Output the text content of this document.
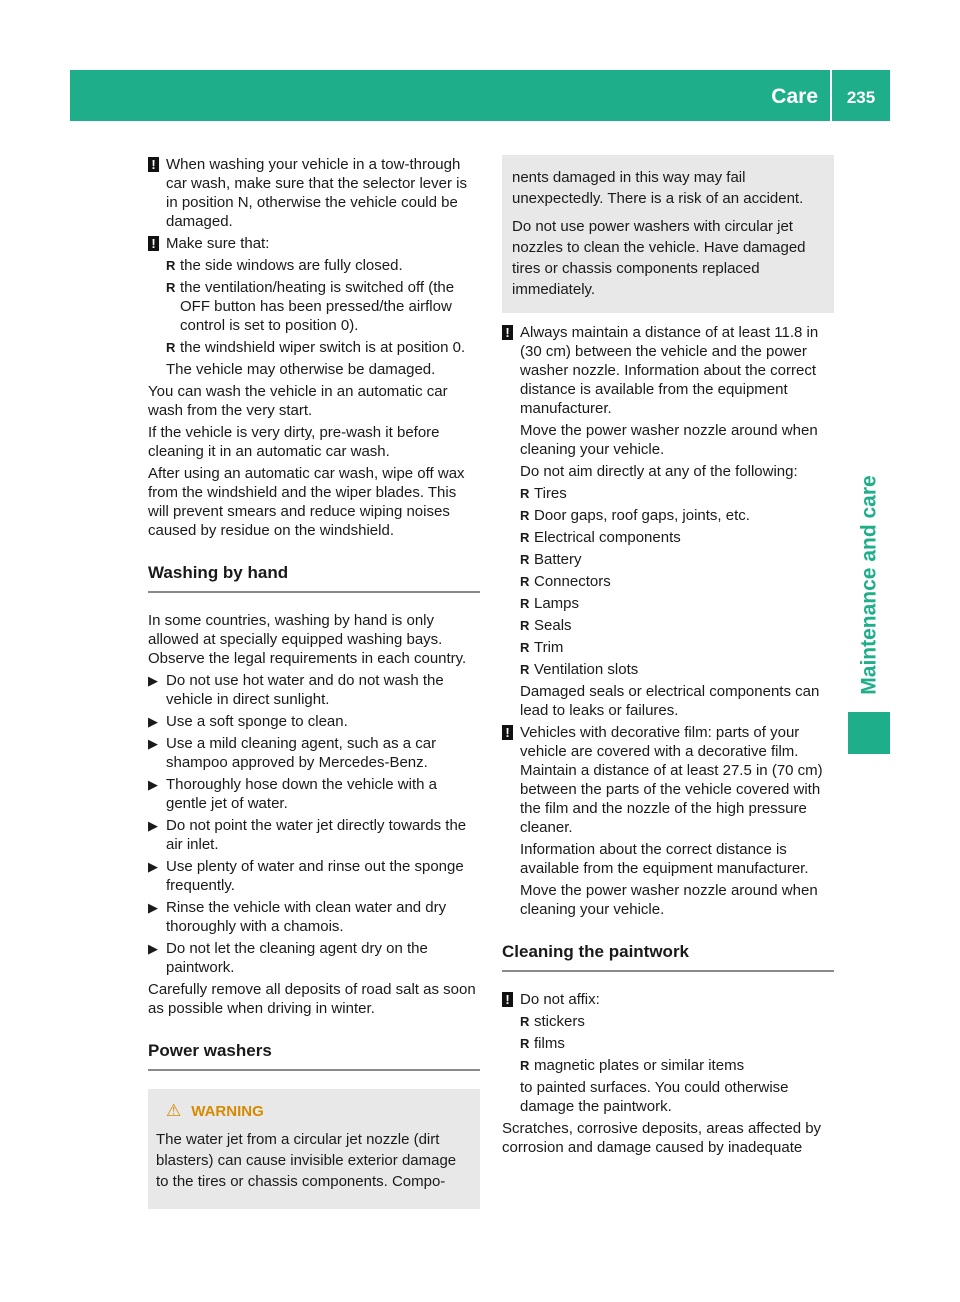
Care	235
Maintenance and care
! When washing your vehicle in a tow-through car wash, make sure that the selector lever is in position N, otherwise the vehicle could be damaged.
! Make sure that:
R the side windows are fully closed.
R the ventilation/heating is switched off (the OFF button has been pressed/the airflow control is set to position 0).
R the windshield wiper switch is at position 0.

The vehicle may otherwise be damaged.

You can wash the vehicle in an automatic car wash from the very start.

If the vehicle is very dirty, pre-wash it before cleaning it in an automatic car wash.

After using an automatic car wash, wipe off wax from the windshield and the wiper blades. This will prevent smears and reduce wiping noises caused by residue on the windshield.

Washing by hand

In some countries, washing by hand is only allowed at specially equipped washing bays. Observe the legal requirements in each country.

▶ Do not use hot water and do not wash the vehicle in direct sunlight.
▶ Use a soft sponge to clean.
▶ Use a mild cleaning agent, such as a car shampoo approved by Mercedes-Benz.
▶ Thoroughly hose down the vehicle with a gentle jet of water.
▶ Do not point the water jet directly towards the air inlet.
▶ Use plenty of water and rinse out the sponge frequently.
▶ Rinse the vehicle with clean water and dry thoroughly with a chamois.
▶ Do not let the cleaning agent dry on the paintwork.

Carefully remove all deposits of road salt as soon as possible when driving in winter.

Power washers
⚠ WARNING

The water jet from a circular jet nozzle (dirt blasters) can cause invisible exterior damage to the tires or chassis components. Compo-

nents damaged in this way may fail unexpectedly. There is a risk of an accident.

Do not use power washers with circular jet nozzles to clean the vehicle. Have damaged tires or chassis components replaced immediately.

! Always maintain a distance of at least 11.8 in (30 cm) between the vehicle and the power washer nozzle. Information about the correct distance is available from the equipment manufacturer.

Move the power washer nozzle around when cleaning your vehicle.

Do not aim directly at any of the following:

R Tires
R Door gaps, roof gaps, joints, etc.
R Electrical components
R Battery
R Connectors
R Lamps
R Seals
R Trim
R Ventilation slots

Damaged seals or electrical components can lead to leaks or failures.

! Vehicles with decorative film: parts of your vehicle are covered with a decorative film. Maintain a distance of at least 27.5 in (70 cm) between the parts of the vehicle covered with the film and the nozzle of the high pressure cleaner.

Information about the correct distance is available from the equipment manufacturer.

Move the power washer nozzle around when cleaning your vehicle.

Cleaning the paintwork
! Do not affix:
R stickers
R films
R magnetic plates or similar items

to painted surfaces. You could otherwise damage the paintwork.

Scratches, corrosive deposits, areas affected by corrosion and damage caused by inadequate
